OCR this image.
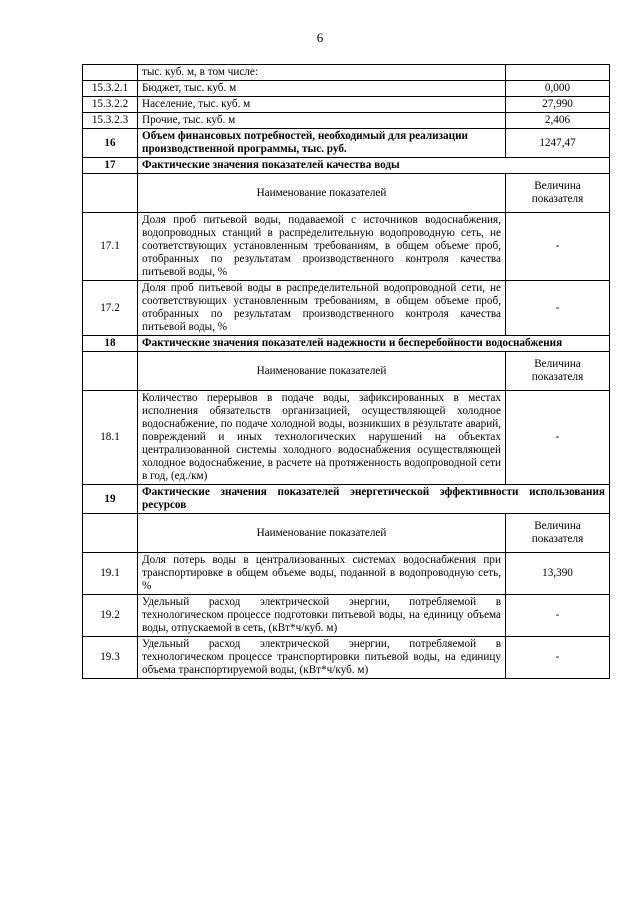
6
	тыс. куб. м, в том числе:	
15.3.2.1	Бюджет, тыс. куб. м	0,000
15.3.2.2	Население, тыс. куб. м	27,990
15.3.2.3	Прочие, тыс. куб. м	2,406
16	Объем финансовых потребностей, необходимый для реализации производственной программы, тыс. руб.	1247,47
17	Фактические значения показателей качества воды	
	Наименование показателей	Величина показателя
17.1	Доля проб питьевой воды, подаваемой с источников водоснабжения, водопроводных станций в распределительную водопроводную сеть, не соответствующих установленным требованиям, в общем объеме проб, отобранных по результатам производственного контроля качества питьевой воды, %	-
17.2	Доля проб питьевой воды в распределительной водопроводной сети, не соответствующих установленным требованиям, в общем объеме проб, отобранных по результатам производственного контроля качества питьевой воды, %	-
18	Фактические значения показателей надежности и бесперебойности водоснабжения	
	Наименование показателей	Величина показателя
18.1	Количество перерывов в подаче воды, зафиксированных в местах исполнения обязательств организацией, осуществляющей холодное водоснабжение, по подаче холодной воды, возникших в результате аварий, повреждений и иных технологических нарушений на объектах централизованной системы холодного водоснабжения осуществляющей холодное водоснабжение, в расчете на протяженность водопроводной сети в год, (ед./км)	-
19	Фактические значения показателей энергетической эффективности использования ресурсов	
	Наименование показателей	Величина показателя
19.1	Доля потерь воды в централизованных системах водоснабжения при транспортировке в общем объеме воды, поданной в водопроводную сеть, %	13,390
19.2	Удельный расход электрической энергии, потребляемой в технологическом процессе подготовки питьевой воды, на единицу объема воды, отпускаемой в сеть, (кВт*ч/куб. м)	-
19.3	Удельный расход электрической энергии, потребляемой в технологическом процессе транспортировки питьевой воды, на единицу объема транспортируемой воды, (кВт*ч/куб. м)	-
